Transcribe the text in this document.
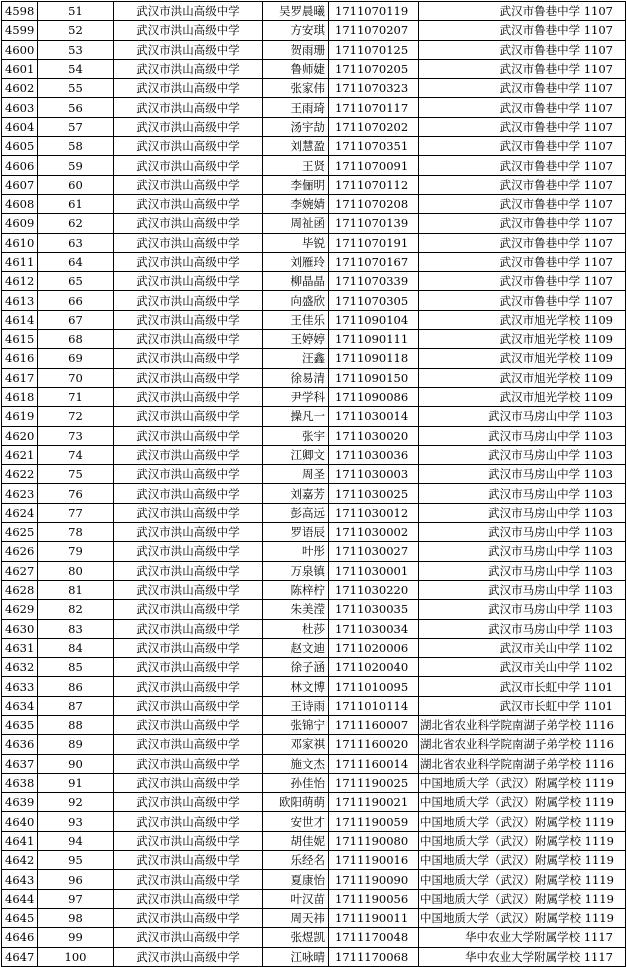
4598	51	武汉市洪山高级中学	吴罗晨曦	1711070119	武汉市鲁巷中学 1107
4599	52	武汉市洪山高级中学	方安琪	1711070207	武汉市鲁巷中学 1107
4600	53	武汉市洪山高级中学	贺雨珊	1711070125	武汉市鲁巷中学 1107
4601	54	武汉市洪山高级中学	鲁师婕	1711070205	武汉市鲁巷中学 1107
4602	55	武汉市洪山高级中学	张家伟	1711070323	武汉市鲁巷中学 1107
4603	56	武汉市洪山高级中学	王雨琦	1711070117	武汉市鲁巷中学 1107
4604	57	武汉市洪山高级中学	汤宇劼	1711070202	武汉市鲁巷中学 1107
4605	58	武汉市洪山高级中学	刘慧盈	1711070351	武汉市鲁巷中学 1107
4606	59	武汉市洪山高级中学	王贤	1711070091	武汉市鲁巷中学 1107
4607	60	武汉市洪山高级中学	李俪明	1711070112	武汉市鲁巷中学 1107
4608	61	武汉市洪山高级中学	李婉婧	1711070208	武汉市鲁巷中学 1107
4609	62	武汉市洪山高级中学	周祉函	1711070139	武汉市鲁巷中学 1107
4610	63	武汉市洪山高级中学	毕锐	1711070191	武汉市鲁巷中学 1107
4611	64	武汉市洪山高级中学	刘雁玲	1711070167	武汉市鲁巷中学 1107
4612	65	武汉市洪山高级中学	柳晶晶	1711070339	武汉市鲁巷中学 1107
4613	66	武汉市洪山高级中学	向盛欣	1711070305	武汉市鲁巷中学 1107
4614	67	武汉市洪山高级中学	王佳乐	1711090104	武汉市旭光学校 1109
4615	68	武汉市洪山高级中学	王婷婷	1711090111	武汉市旭光学校 1109
4616	69	武汉市洪山高级中学	汪鑫	1711090118	武汉市旭光学校 1109
4617	70	武汉市洪山高级中学	徐易清	1711090150	武汉市旭光学校 1109
4618	71	武汉市洪山高级中学	尹学科	1711090086	武汉市旭光学校 1109
4619	72	武汉市洪山高级中学	操凡一	1711030014	武汉市马房山中学 1103
4620	73	武汉市洪山高级中学	张宇	1711030020	武汉市马房山中学 1103
4621	74	武汉市洪山高级中学	江卿文	1711030036	武汉市马房山中学 1103
4622	75	武汉市洪山高级中学	周圣	1711030003	武汉市马房山中学 1103
4623	76	武汉市洪山高级中学	刘嘉芳	1711030025	武汉市马房山中学 1103
4624	77	武汉市洪山高级中学	彭高远	1711030012	武汉市马房山中学 1103
4625	78	武汉市洪山高级中学	罗语辰	1711030002	武汉市马房山中学 1103
4626	79	武汉市洪山高级中学	叶彤	1711030027	武汉市马房山中学 1103
4627	80	武汉市洪山高级中学	万泉镇	1711030001	武汉市马房山中学 1103
4628	81	武汉市洪山高级中学	陈梓柠	1711030220	武汉市马房山中学 1103
4629	82	武汉市洪山高级中学	朱美滢	1711030035	武汉市马房山中学 1103
4630	83	武汉市洪山高级中学	杜莎	1711030034	武汉市马房山中学 1103
4631	84	武汉市洪山高级中学	赵文迪	1711020006	武汉市关山中学 1102
4632	85	武汉市洪山高级中学	徐子涵	1711020040	武汉市关山中学 1102
4633	86	武汉市洪山高级中学	林文博	1711010095	武汉市长虹中学 1101
4634	87	武汉市洪山高级中学	王诗雨	1711010114	武汉市长虹中学 1101
4635	88	武汉市洪山高级中学	张锦宁	1711160007	湖北省农业科学院南湖子弟学校 1116
4636	89	武汉市洪山高级中学	邓家祺	1711160020	湖北省农业科学院南湖子弟学校 1116
4637	90	武汉市洪山高级中学	施文杰	1711160014	湖北省农业科学院南湖子弟学校 1116
4638	91	武汉市洪山高级中学	孙佳怡	1711190025	中国地质大学（武汉）附属学校 1119
4639	92	武汉市洪山高级中学	欧阳萌萌	1711190021	中国地质大学（武汉）附属学校 1119
4640	93	武汉市洪山高级中学	安世才	1711190059	中国地质大学（武汉）附属学校 1119
4641	94	武汉市洪山高级中学	胡佳妮	1711190080	中国地质大学（武汉）附属学校 1119
4642	95	武汉市洪山高级中学	乐经名	1711190016	中国地质大学（武汉）附属学校 1119
4643	96	武汉市洪山高级中学	夏康怡	1711190090	中国地质大学（武汉）附属学校 1119
4644	97	武汉市洪山高级中学	叶汉苗	1711190056	中国地质大学（武汉）附属学校 1119
4645	98	武汉市洪山高级中学	周天祎	1711190011	中国地质大学（武汉）附属学校 1119
4646	99	武汉市洪山高级中学	张煜凯	1711170048	华中农业大学附属学校 1117
4647	100	武汉市洪山高级中学	江咏晴	1711170068	华中农业大学附属学校 1117
